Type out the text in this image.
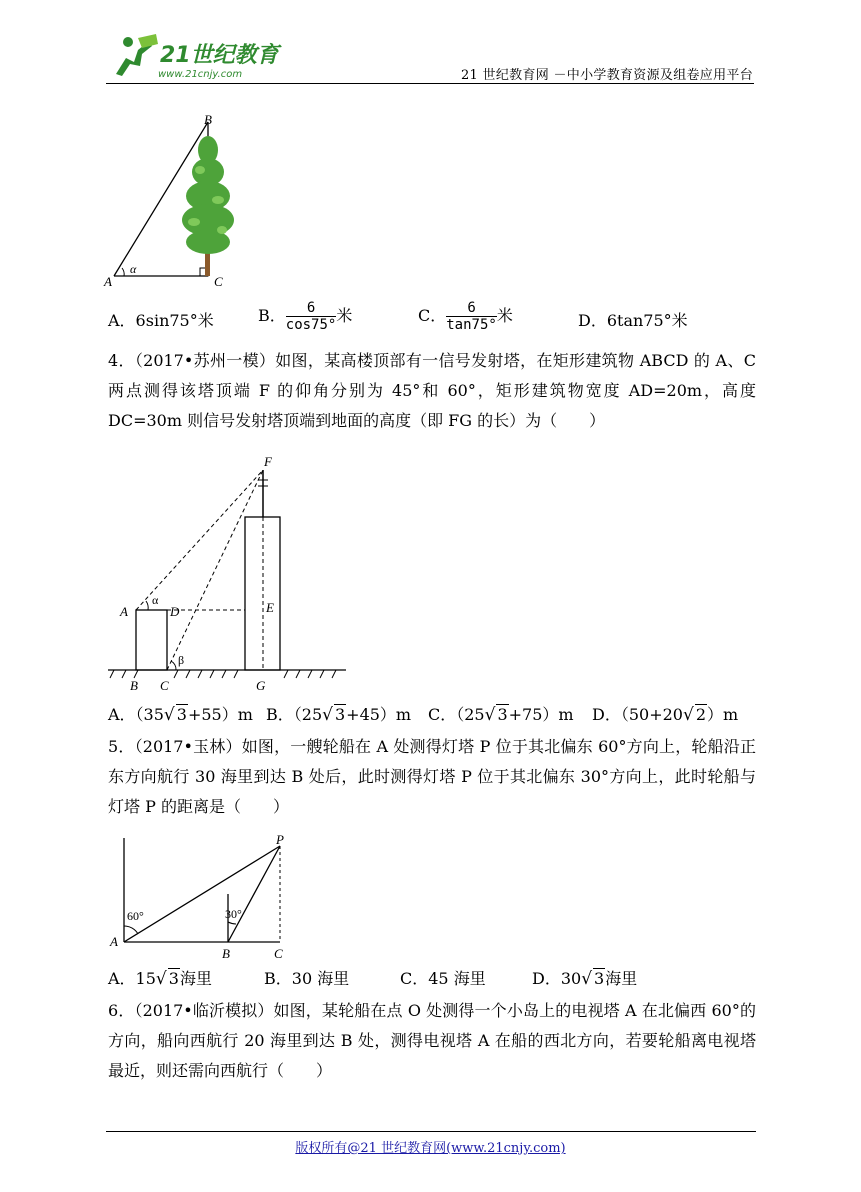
21世纪教育
www.21cnjy.com	21 世纪教育网 －中小学教育资源及组卷应用平台
B
A	C
α
A．6sin75°米	B． $\frac{6}{\cos 75^\circ}$ 米	C． $\frac{6}{\tan 75^\circ}$ 米	D．6tan75°米
4．（2017•苏州一模）如图，某高楼顶部有一信号发射塔，在矩形建筑物 ABCD 的 A、C 两点测得该塔顶端 F 的仰角分别为 45°和 60°，矩形建筑物宽度 AD=20m，高度 DC=30m 则信号发射塔顶端到地面的高度（即 FG 的长）为（　　）
F
A	D	E
B C	G
α
β
A．（35√ 3+55）m B．（25√ 3+45）m C．（25√ 3+75）m D．（50+20√ 2）m
5．（2017•玉林）如图，一艘轮船在 A 处测得灯塔 P 位于其北偏东 60°方向上，轮船沿正东方向航行 30 海里到达 B 处后，此时测得灯塔 P 位于其北偏东 30°方向上，此时轮船与灯塔 P 的距离是（　　）
P
A
B	C
60°	30°
A．15√ 3海里	B．30 海里	C．45 海里	D．30√ 3海里
6．（2017•临沂模拟）如图，某轮船在点 O 处测得一个小岛上的电视塔 A 在北偏西 60°的方向，船向西航行 20 海里到达 B 处，测得电视塔 A 在船的西北方向，若要轮船离电视塔最近，则还需向西航行（　　）
版权所有@21 世纪教育网(www.21cnjy.com)
